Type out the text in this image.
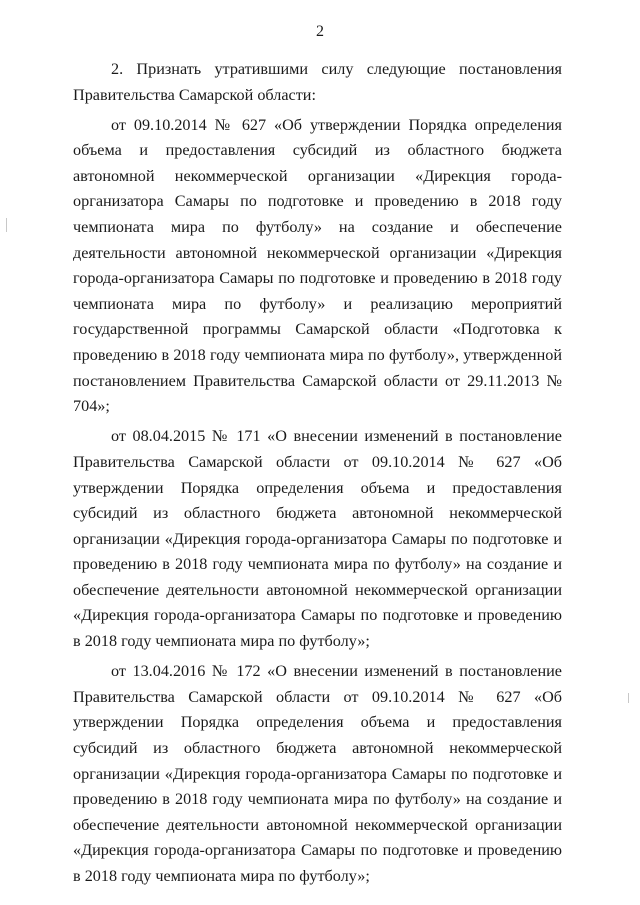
2

2. Признать утратившими силу следующие постановления Правительства Самарской области:

от 09.10.2014 № 627 «Об утверждении Порядка определения объема и предоставления субсидий из областного бюджета автономной некоммерческой организации «Дирекция города-организатора Самары по подготовке и проведению в 2018 году чемпионата мира по футболу» на создание и обеспечение деятельности автономной некоммерческой организации «Дирекция города-организатора Самары по подготовке и проведению в 2018 году чемпионата мира по футболу» и реализацию мероприятий государственной программы Самарской области «Подготовка к проведению в 2018 году чемпионата мира по футболу», утвержденной постановлением Правительства Самарской области от 29.11.2013 № 704»;

от 08.04.2015 № 171 «О внесении изменений в постановление Правительства Самарской области от 09.10.2014 № 627 «Об утверждении Порядка определения объема и предоставления субсидий из областного бюджета автономной некоммерческой организации «Дирекция города-организатора Самары по подготовке и проведению в 2018 году чемпионата мира по футболу» на создание и обеспечение деятельности автономной некоммерческой организации «Дирекция города-организатора Самары по подготовке и проведению в 2018 году чемпионата мира по футболу»;

от 13.04.2016 № 172 «О внесении изменений в постановление Правительства Самарской области от 09.10.2014 № 627 «Об утверждении Порядка определения объема и предоставления субсидий из областного бюджета автономной некоммерческой организации «Дирекция города-организатора Самары по подготовке и проведению в 2018 году чемпионата мира по футболу» на создание и обеспечение деятельности автономной некоммерческой организации «Дирекция города-организатора Самары по подготовке и проведению в 2018 году чемпионата мира по футболу»;
